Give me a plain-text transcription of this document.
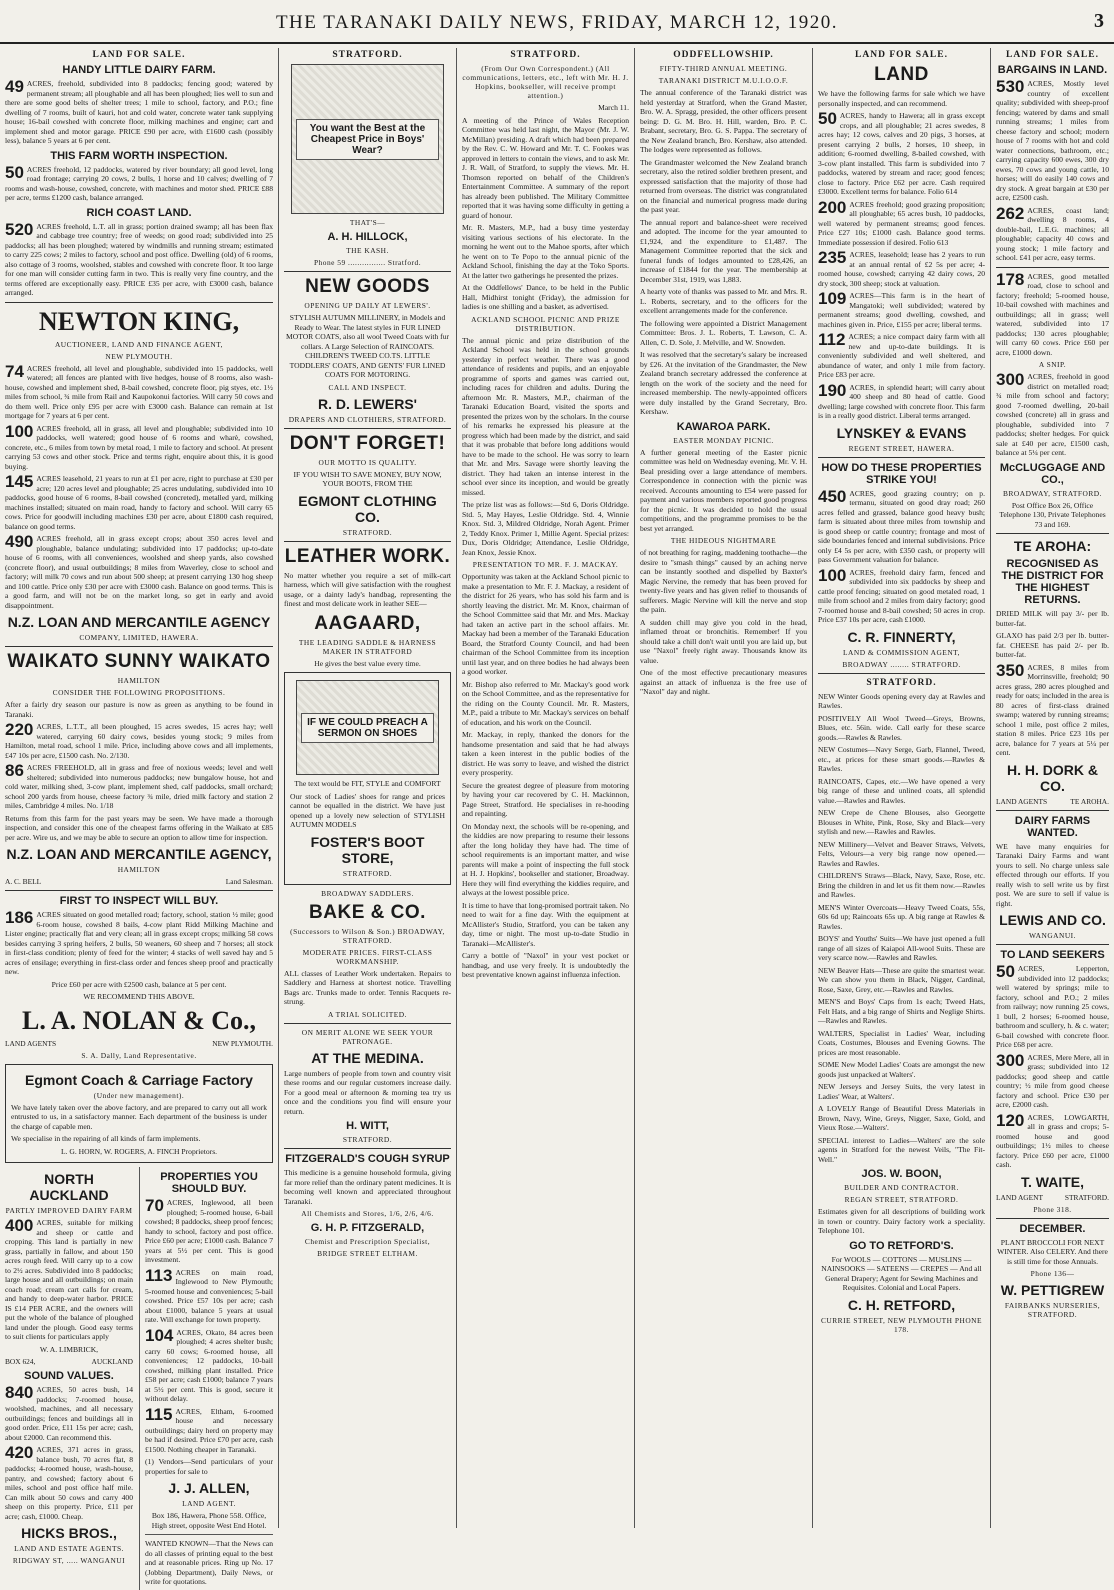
THE TARANAKI DAILY NEWS, FRIDAY, MARCH 12, 1920.	3
LAND FOR SALE.
HANDY LITTLE DAIRY FARM.
49 ACRES, freehold, subdivided into 8 paddocks; fencing good; watered by permanent stream; all ploughable and all has been ploughed; lies well to sun and there are some good belts of shelter trees; 1 mile to school, factory, and P.O.; fine dwelling of 7 rooms, built of kauri, hot and cold water, concrete water tank supplying house; 16-bail cowshed with concrete floor, milking machines and engine; cart and implement shed and motor garage. PRICE £90 per acre, with £1600 cash (possibly less), balance 5 years at 6 per cent.
THIS FARM WORTH INSPECTION.
50 ACRES freehold, 12 paddocks, watered by river boundary; all good level, long road frontage; carrying 20 cows, 2 bulls, 1 horse and 10 calves; dwelling of 7 rooms and wash-house, cowshed, concrete, with machines and motor shed. PRICE £88 per acre, terms £1200 cash, balance arranged.
RICH COAST LAND.
520 ACRES freehold, L.T. all in grass; portion drained swamp; all has been flax and cabbage tree country; free of weeds; on good road; subdivided into 25 paddocks; all has been ploughed; watered by windmills and running stream; estimated to carry 225 cows; 2 miles to factory, school and post office. Dwelling (old) of 6 rooms, also cottage of 3 rooms, woolshed, stables and cowshed with concrete floor. It too large for one man will consider cutting farm in two. This is really very fine country, and the terms offered are exceptionally easy. PRICE £35 per acre, with £3000 cash, balance arranged.
NEWTON KING,
AUCTIONEER, LAND AND FINANCE AGENT,
NEW PLYMOUTH.
74 ACRES freehold, all level and ploughable, subdivided into 15 paddocks, well watered; all fences are planted with live hedges, house of 8 rooms, also wash-house, cowshed and implement shed, 8-bail cowshed, concrete floor, pig styes, etc. 1½ miles from school, ¾ mile from Rail and Kaupokonui factories. Will carry 50 cows and do them well. Price only £95 per acre with £3000 cash. Balance can remain at 1st mortgage for 7 years at 6 per cent.
100 ACRES freehold, all in grass, all level and ploughable; subdivided into 10 paddocks, well watered; good house of 6 rooms and wharè, cowshed, concrete, etc., 6 miles from town by metal road, 1 mile to factory and school. At present carrying 53 cows and other stock. Price and terms right, enquire about this, it is good buying.
145 ACRES leasehold, 21 years to run at £1 per acre, right to purchase at £30 per acre; 120 acres level and ploughable; 25 acres undulating, subdivided into 10 paddocks, good house of 6 rooms, 8-bail cowshed (concreted), metalled yard, milking machines installed; situated on main road, handy to factory and school. Will carry 65 cows. Price for goodwill including machines £30 per acre, about £1800 cash required, balance on good terms.
490 ACRES freehold, all in grass except crops; about 350 acres level and ploughable, balance undulating; subdivided into 17 paddocks; up-to-date house of 6 rooms, with all conveniences, woolshed and sheep yards, also cowshed (concrete floor), and usual outbuildings; 8 miles from Waverley, close to school and factory; will milk 70 cows and run about 500 sheep; at present carrying 130 hog sheep and 100 cattle. Price only £30 per acre with £3000 cash. Balance on good terms. This is a good farm, and will not be on the market long, so get in early and avoid disappointment.
N.Z. LOAN AND MERCANTILE AGENCY
COMPANY, LIMITED, HAWERA.
WAIKATO SUNNY WAIKATO
HAMILTON
CONSIDER THE FOLLOWING PROPOSITIONS.
After a fairly dry season our pasture is now as green as anything to be found in Taranaki.
220 ACRES, L.T.T., all been ploughed, 15 acres swedes, 15 acres hay; well watered, carrying 60 dairy cows, besides young stock; 9 miles from Hamilton, metal road, school 1 mile. Price, including above cows and all implements, £47 10s per acre, £1500 cash. No. 2/130.
86 ACRES FREEHOLD, all in grass and free of noxious weeds; level and well sheltered; subdivided into numerous paddocks; new bungalow house, hot and cold water, milking shed, 3-cow plant, implement shed, calf paddocks, small orchard; school 200 yards from house, cheese factory ¾ mile, dried milk factory and station 2 miles, Cambridge 4 miles. No. 1/18
Returns from this farm for the past years may be seen. We have made a thorough inspection, and consider this one of the cheapest farms offering in the Waikato at £85 per acre. Wire us, and we may be able to secure an option to allow time for inspection.
N.Z. LOAN AND MERCANTILE AGENCY,
HAMILTON
A. C. BELL	Land Salesman.
FIRST TO INSPECT WILL BUY.
186 ACRES situated on good metalled road; factory, school, station ½ mile; good 6-room house, cowshed 8 bails, 4-cow plant Ridd Milking Machine and Lister engine; practically flat and very clean; all in grass except crops; milking 58 cows besides carrying 3 spring heifers, 2 bulls, 50 weaners, 60 sheep and 7 horses; all stock in first-class condition; plenty of feed for the winter; 4 stacks of well saved hay and 5 acres of ensilage; everything in first-class order and fences sheep proof and practically new.
Price £60 per acre with £2500 cash, balance at 5 per cent.
WE RECOMMEND THIS ABOVE.
L. A. NOLAN & Co.,
LAND AGENTS	NEW PLYMOUTH.
S. A. Dally, Land Representative.
Egmont Coach & Carriage Factory
(Under new management).
We have lately taken over the above factory, and are prepared to carry out all work entrusted to us, in a satisfactory manner. Each department of the business is under the charge of capable men.
We specialise in the repairing of all kinds of farm implements.
L. G. HORN, W. ROGERS, A. FINCH Proprietors.
NORTH AUCKLAND
PARTLY IMPROVED DAIRY FARM
400 ACRES, suitable for milking and sheep or cattle and cropping. This land is partially in new grass, partially in fallow, and about 150 acres rough feed. Will carry up to a cow to 2½ acres. Subdivided into 8 paddocks; large house and all outbuildings; on main coach road; cream cart calls for cream, and handy to deep-water harbor. PRICE IS £14 PER ACRE, and the owners will put the whole of the balance of ploughed land under the plough. Good easy terms to suit clients for particulars apply
W. A. LIMBRICK,
BOX 624,	AUCKLAND
SOUND VALUES.
840 ACRES, 50 acres bush, 14 paddocks; 7-roomed house, woolshed, machines, and all necessary outbuildings; fences and buildings all in good order. Price, £11 15s per acre; cash, about £2000. Can recommend this.
420 ACRES, 371 acres in grass, balance bush, 70 acres flat, 8 paddocks; 4-roomed house, wash-house, pantry, and cowshed; factory about 6 miles, school and post office half mile. Can milk about 50 cows and carry 400 sheep on this property. Price, £11 per acre; cash, £1000. Cheap.
HICKS BROS.,
LAND AND ESTATE AGENTS.
RIDGWAY ST, ..... WANGANUI
PROPERTIES YOU SHOULD BUY.
70 ACRES, Inglewood, all been ploughed; 5-roomed house, 6-bail cowshed; 8 paddocks, sheep proof fences; handy to school, factory and post office. Price £60 per acre; £1000 cash. Balance 7 years at 5½ per cent. This is good investment.
113 ACRES on main road, Inglewood to New Plymouth; 5-roomed house and conveniences; 5-bail cowshed. Price £57 10s per acre; cash about £1000, balance 5 years at usual rate. Will exchange for town property.
104 ACRES, Okato, 84 acres been ploughed; 4 acres shelter bush; carry 60 cows; 6-roomed house, all conveniences; 12 paddocks, 10-bail cowshed, milking plant installed. Price £58 per acre; cash £1000; balance 7 years at 5½ per cent. This is good, secure it without delay.
115 ACRES, Eltham, 6-roomed house and necessary outbuildings; dairy herd on property may be had if desired. Price £70 per acre, cash £1500. Nothing cheaper in Taranaki.
(1) Vendors—Send particulars of your properties for sale to
J. J. ALLEN,
LAND AGENT.
Box 186, Hawera, Phone 558. Office, High street, opposite West End Hotel.
WANTED KNOWN—That the News can do all classes of printing equal to the best and at reasonable prices. Ring up No. 17 (Jobbing Department), Daily News, or write for quotations.
STRATFORD.
You want the Best at the Cheapest Price in Boys' Wear?
THAT'S—
A. H. HILLOCK,
THE KASH.
Phone 59 ................ Stratford.
NEW GOODS
OPENING UP DAILY AT LEWERS'.
STYLISH AUTUMN MILLINERY, in Models and Ready to Wear. The latest styles in FUR LINED MOTOR COATS, also all wool Tweed Coats with fur collars. A Large Selection of RAINCOATS. CHILDREN'S TWEED CO.TS. LITTLE TODDLERS' COATS, AND GENTS' FUR LINED COATS FOR MOTORING.
CALL AND INSPECT.
R. D. LEWERS'
DRAPERS AND CLOTHIERS, STRATFORD.
DON'T FORGET!
OUR MOTTO IS QUALITY.
IF YOU WISH TO SAVE MONEY, BUY NOW, YOUR BOOTS, FROM THE
EGMONT CLOTHING CO.
STRATFORD.
LEATHER WORK.
No matter whether you require a set of milk-cart harness, which will give satisfaction with the roughest usage, or a dainty lady's handbag, representing the finest and most delicate work in leather SEE—
AAGAARD,
THE LEADING SADDLE & HARNESS MAKER IN STRATFORD
He gives the best value every time.
IF WE COULD PREACH A SERMON ON SHOES
The text would be FIT, STYLE and COMFORT
Our stock of Ladies' shoes for range and prices cannot be equalled in the district. We have just opened up a lovely new selection of STYLISH AUTUMN MODELS
FOSTER'S BOOT STORE,
STRATFORD.
BROADWAY SADDLERS.
BAKE & CO.
(Successors to Wilson & Son.) BROADWAY, STRATFORD.
MODERATE PRICES. FIRST-CLASS WORKMANSHIP.
ALL classes of Leather Work undertaken. Repairs to Saddlery and Harness at shortest notice. Travelling Bags arc. Trunks made to order. Tennis Racquets re-strung.
A TRIAL SOLICITED.
ON MERIT ALONE WE SEEK YOUR PATRONAGE.
AT THE MEDINA.
Large numbers of people from town and country visit these rooms and our regular customers increase daily. For a good meal or afternoon & morning tea try us once and the conditions you find will ensure your return.
H. WITT,
STRATFORD.
FITZGERALD'S COUGH SYRUP
This medicine is a genuine household formula, giving far more relief than the ordinary patent medicines. It is becoming well known and appreciated throughout Taranaki.
All Chemists and Stores, 1/6, 2/6, 4/6.
G. H. P. FITZGERALD,
Chemist and Prescription Specialist,
BRIDGE STREET ELTHAM.
STRATFORD.
(From Our Own Correspondent.) (All communications, letters, etc., left with Mr. H. J. Hopkins, bookseller, will receive prompt attention.)
March 11.
A meeting of the Prince of Wales Reception Committee was held last night, the Mayor (Mr. J. W. McMillan) presiding. A draft which had been prepared by the Rev. C. W. Howard and Mr. T. C. Fookes was approved in letters to contain the views, and to ask Mr. J. R. Wall, of Stratford, to supply the views. Mr. H. Thomson reported on behalf of the Children's Entertainment Committee. A summary of the report has already been published. The Military Committee reported that it was having some difficulty in getting a guard of honour.
Mr. R. Masters, M.P., had a busy time yesterday visiting various sections of his electorate. In the morning he went out to the Mahoe sports, after which he went on to Te Popo to the annual picnic of the Ackland School, finishing the day at the Toko Sports. At the latter two gatherings he presented the prizes.
At the Oddfellows' Dance, to be held in the Public Hall, Midhirst tonight (Friday), the admission for ladies is one shilling and a basket, as advertised.
ACKLAND SCHOOL PICNIC AND PRIZE DISTRIBUTION.
The annual picnic and prize distribution of the Ackland School was held in the school grounds yesterday in perfect weather. There was a good attendance of residents and pupils, and an enjoyable programme of sports and games was carried out, including races for children and adults. During the afternoon Mr. R. Masters, M.P., chairman of the Taranaki Education Board, visited the sports and presented the prizes won by the scholars. In the course of his remarks he expressed his pleasure at the progress which had been made by the district, and said that it was probable that before long additions would have to be made to the school. He was sorry to learn that Mr. and Mrs. Savage were shortly leaving the district. They had taken an intense interest in the school ever since its inception, and would be greatly missed.
The prize list was as follows:—Std 6, Doris Oldridge. Std. 5, May Hayes, Leslie Oldridge. Std. 4, Winnie Knox. Std. 3, Mildred Oldridge, Norah Agent. Primer 2, Teddy Knox. Primer 1, Millie Agent. Special prizes: Dux, Doris Oldridge; Attendance, Leslie Oldridge, Jean Knox, Jessie Knox.
PRESENTATION TO MR. F. J. MACKAY.
Opportunity was taken at the Ackland School picnic to make a presentation to Mr. F. J. Mackay, a resident of the district for 26 years, who has sold his farm and is shortly leaving the district. Mr. M. Knox, chairman of the School Committee said that Mr. and Mrs. Mackay had taken an active part in the school affairs. Mr. Mackay had been a member of the Taranaki Education Board, the Stratford County Council, and had been chairman of the School Committee from its inception until last year, and on three bodies he had always been a good worker.
Mr. Bishop also referred to Mr. Mackay's good work on the School Committee, and as the representative for the riding on the County Council. Mr. R. Masters, M.P., paid a tribute to Mr. Mackay's services on behalf of education, and his work on the Council.
Mr. Mackay, in reply, thanked the donors for the handsome presentation and said that he had always taken a keen interest in the public bodies of the district. He was sorry to leave, and wished the district every prosperity.
Secure the greatest degree of pleasure from motoring by having your car recovered by C. H. Mackinnon, Page Street, Stratford. He specialises in re-hooding and repainting.
On Monday next, the schools will be re-opening, and the kiddies are now preparing to resume their lessons after the long holiday they have had. The time of school requirements is an important matter, and wise parents will make a point of inspecting the full stock at H. J. Hopkins', bookseller and stationer, Broadway. Here they will find everything the kiddies require, and always at the lowest possible price.
It is time to have that long-promised portrait taken. No need to wait for a fine day. With the equipment at McAllister's Studio, Stratford, you can be taken any day, time or night. The most up-to-date Studio in Taranaki—McAllister's.
Carry a bottle of "Naxol" in your vest pocket or handbag, and use very freely. It is undoubtedly the best preventative known against influenza infection.
ODDFELLOWSHIP.
FIFTY-THIRD ANNUAL MEETING.
TARANAKI DISTRICT M.U.I.O.O.F.
The annual conference of the Taranaki district was held yesterday at Stratford, when the Grand Master, Bro. W. A. Spragg, presided, the other officers present being: D. G. M. Bro. H. Hill, warden, Bro. P. C. Brabant, secretary, Bro. G. S. Pappa. The secretary of the New Zealand branch, Bro. Kershaw, also attended. The lodges were represented as follows.
The Grandmaster welcomed the New Zealand branch secretary, also the retired soldier brethren present, and expressed satisfaction that the majority of those had returned from overseas. The district was congratulated on the financial and numerical progress made during the past year.
The annual report and balance-sheet were received and adopted. The income for the year amounted to £1,924, and the expenditure to £1,487. The Management Committee reported that the sick and funeral funds of lodges amounted to £28,426, an increase of £1844 for the year. The membership at December 31st, 1919, was 1,883.
A hearty vote of thanks was passed to Mr. and Mrs. R. L. Roberts, secretary, and to the officers for the excellent arrangements made for the conference.
The following were appointed a District Management Committee: Bros. J. L. Roberts, T. Lawson, C. A. Allen, C. D. Sole, J. Melville, and W. Snowden.
It was resolved that the secretary's salary be increased by £26. At the invitation of the Grandmaster, the New Zealand branch secretary addressed the conference at length on the work of the society and the need for increased membership. The newly-appointed officers were duly installed by the Grand Secretary, Bro. Kershaw.
KAWAROA PARK.
EASTER MONDAY PICNIC.
A further general meeting of the Easter picnic committee was held on Wednesday evening, Mr. V. H. Beal presiding over a large attendance of members. Correspondence in connection with the picnic was received. Accounts amounting to £54 were passed for payment and various members reported good progress for the picnic. It was decided to hold the usual competitions, and the programme promises to be the best yet arranged.
THE HIDEOUS NIGHTMARE
of not breathing for raging, maddening toothache—the desire to "smash things" caused by an aching nerve can be instantly soothed and dispelled by Baxter's Magic Nervine, the remedy that has been proved for twenty-five years and has given relief to thousands of sufferers. Magic Nervine will kill the nerve and stop the pain.
A sudden chill may give you cold in the head, inflamed throat or bronchitis. Remember! If you should take a chill don't wait until you are laid up, but use "Naxol" freely right away. Thousands know its value.
One of the most effective precautionary measures against an attack of influenza is the free use of "Naxol" day and night.
LAND FOR SALE.
LAND
We have the following farms for sale which we have personally inspected, and can recommend.
50 ACRES, handy to Hawera; all in grass except crops, and all ploughable; 21 acres swedes, 8 acres hay; 12 cows, calves and 20 pigs, 3 horses, at present carrying 2 bulls, 2 horses, 10 sheep, in addition; 6-roomed dwelling, 8-bailed cowshed, with 3-cow plant installed. This farm is subdivided into 7 paddocks, watered by stream and race; good fences; close to factory. Price £62 per acre. Cash required £3000. Excellent terms for balance. Folio 614
200 ACRES freehold; good grazing proposition; all ploughable; 65 acres bush, 10 paddocks, well watered by permanent streams; good fences. Price £27 10s; £1000 cash. Balance good terms. Immediate possession if desired. Folio 613
235 ACRES, leasehold; lease has 2 years to run at an annual rental of £2 5s per acre; 4-roomed house, cowshed; carrying 42 dairy cows, 20 dry stock, 300 sheep; stock at valuation.
109 ACRES—This farm is in the heart of Mangatoki; well subdivided; watered by permanent streams; good dwelling, cowshed, and machines given in. Price, £155 per acre; liberal terms.
112 ACRES; a nice compact dairy farm with all new and up-to-date buildings. It is conveniently subdivided and well sheltered, and abundance of water, and only 1 mile from factory. Price £83 per acre.
190 ACRES, in splendid heart; will carry about 400 sheep and 80 head of cattle. Good dwelling; large cowshed with concrete floor. This farm is in a really good district. Liberal terms arranged.
LYNSKEY & EVANS
REGENT STREET, HAWERA.
HOW DO THESE PROPERTIES STRIKE YOU!
450 ACRES, good grazing country; on p. termanu, situated on good dray road; 260 acres felled and grassed, balance good heavy bush; farm is situated about three miles from township and is good sheep or cattle country; frontage and most of side boundaries fenced and internal subdivisions. Price only £4 5s per acre, with £350 cash, or property will pass Government valuation for balance.
100 ACRES, freehold dairy farm, fenced and subdivided into six paddocks by sheep and cattle proof fencing; situated on good metaled road, 1 mile from school and 2 miles from dairy factory; good 7-roomed house and 8-bail cowshed; 50 acres in crop. Price £37 10s per acre, cash £1000.
C. R. FINNERTY,
LAND & COMMISSION AGENT,
BROADWAY ........ STRATFORD.
STRATFORD.
NEW Winter Goods opening every day at Rawles and Rawles.
POSITIVELY All Wool Tweed—Greys, Browns, Blues, etc. 56in. wide. Call early for these scarce goods.—Rawles & Rawles.
NEW Costumes—Navy Serge, Garb, Flannel, Tweed, etc., at prices for these smart goods.—Rawles & Rawles.
RAINCOATS, Capes, etc.—We have opened a very big range of these and unlined coats, all splendid value.—Rawles and Rawles.
NEW Crepe de Chene Blouses, also Georgette Blouses in White, Pink, Rose, Sky and Black—very stylish and new.—Rawles and Rawles.
NEW Millinery—Velvet and Beaver Straws, Velvets, Felts, Velours—a very big range now opened.—Rawles and Rawles.
CHILDREN'S Straws—Black, Navy, Saxe, Rose, etc. Bring the children in and let us fit them now.—Rawles and Rawles.
MEN'S Winter Overcoats—Heavy Tweed Coats, 55s, 60s 6d up; Raincoats 65s up. A big range at Rawles & Rawles.
BOYS' and Youths' Suits—We have just opened a full range of all sizes of Kaiapoi All-wool Suits. These are very scarce now.—Rawles and Rawles.
NEW Beaver Hats—These are quite the smartest wear. We can show you them in Black, Nigger, Cardinal, Rose, Saxe, Grey, etc.—Rawles and Rawles.
MEN'S and Boys' Caps from 1s each; Tweed Hats, Felt Hats, and a big range of Shirts and Neglige Shirts.—Rawles and Rawles.
WALTERS, Specialist in Ladies' Wear, including Coats, Costumes, Blouses and Evening Gowns. The prices are most reasonable.
SOME New Model Ladies' Coats are amongst the new goods just unpacked at Walters'.
NEW Jerseys and Jersey Suits, the very latest in Ladies' Wear, at Walters'.
A LOVELY Range of Beautiful Dress Materials in Brown, Navy, Wine, Greys, Nigger, Saxe, Gold, and Vieux Rose.—Walters'.
SPECIAL interest to Ladies—Walters' are the sole agents in Stratford for the newest Veils, "The Fit-Well."
JOS. W. BOON,
BUILDER AND CONTRACTOR.
REGAN STREET, STRATFORD.
Estimates given for all descriptions of building work in town or country. Dairy factory work a speciality. Telephone 101.
GO TO RETFORD'S.
For WOOLS — COTTONS — MUSLINS — NAINSOOKS — SATEENS — CREPES — And all General Drapery; Agent for Sewing Machines and Requisites. Colonial and Local Papers.
C. H. RETFORD,
CURRIE STREET, NEW PLYMOUTH PHONE 178.
LAND FOR SALE.
BARGAINS IN LAND.
530 ACRES, Mostly level country of excellent quality; subdivided with sheep-proof fencing; watered by dams and small running streams; 1 miles from cheese factory and school; modern house of 7 rooms with hot and cold water connections, bathroom, etc.; carrying capacity 600 ewes, 300 dry ewes, 70 cows and young cattle, 10 horses; will do easily 140 cows and dry stock. A great bargain at £30 per acre, £2500 cash.
262 ACRES, coast land; dwelling 8 rooms, 4 double-bail, L.E.G. machines; all ploughable; capacity 40 cows and young stock; 1 mile factory and school. £41 per acre, easy terms.
178 ACRES, good metalled road, close to school and factory; freehold; 5-roomed house, 10-bail cowshed with machines and outbuildings; all in grass; well watered, subdivided into 17 paddocks; 130 acres ploughable; will carry 60 cows. Price £60 per acre, £1000 down.
A SNIP.
300 ACRES, freehold in good district on metalled road; ¾ mile from school and factory; good 7-roomed dwelling, 20-bail cowshed (concrete) all in grass and ploughable, subdivided into 7 paddocks; shelter hedges. For quick sale at £40 per acre, £1500 cash, balance at 5¼ per cent.
McCLUGGAGE AND CO.,
BROADWAY, STRATFORD.
Post Office Box 26, Office Telephone 130, Private Telephones 73 and 169.
TE AROHA:
RECOGNISED AS THE DISTRICT FOR THE HIGHEST RETURNS.
DRIED MILK will pay 3/- per lb. butter-fat.
GLAXO has paid 2/3 per lb. butter-fat. CHEESE has paid 2/- per lb. butter-fat.
350 ACRES, 8 miles from Morrinsville, freehold; 90 acres grass, 280 acres ploughed and ready for oats; included in the area is 80 acres of first-class drained swamp; watered by running streams; school 1 mile, post office 2 miles, station 8 miles. Price £23 10s per acre, balance for 7 years at 5¼ per cent.
H. H. DORK & CO.
LAND AGENTS	TE AROHA.
DAIRY FARMS WANTED.
WE have many enquiries for Taranaki Dairy Farms and want yours to sell. No charge unless sale effected through our efforts. If you really wish to sell write us by first post. We are sure to sell if value is right.
LEWIS AND CO.
WANGANUI.
TO LAND SEEKERS
50 ACRES, Lepperton, subdivided into 12 paddocks; well watered by springs; mile to factory, school and P.O.; 2 miles from railway; now running 25 cows, 1 bull, 2 horses; 6-roomed house, bathroom and scullery, h. & c. water; 6-bail cowshed with concrete floor. Price £68 per acre.
300 ACRES, Mere Mere, all in grass; subdivided into 12 paddocks; good sheep and cattle country; ½ mile from good cheese factory and school. Price £30 per acre, £2000 cash.
120 ACRES, LOWGARTH, all in grass and crops; 5-roomed house and good outbuildings; 1½ miles to cheese factory. Price £60 per acre, £1000 cash.
T. WAITE,
LAND AGENT	STRATFORD.
Phone 318.
DECEMBER.
PLANT BROCCOLI FOR NEXT WINTER. Also CELERY. And there is still time for those Annuals.
Phone 136—
W. PETTIGREW
FAIRBANKS NURSERIES, STRATFORD.
